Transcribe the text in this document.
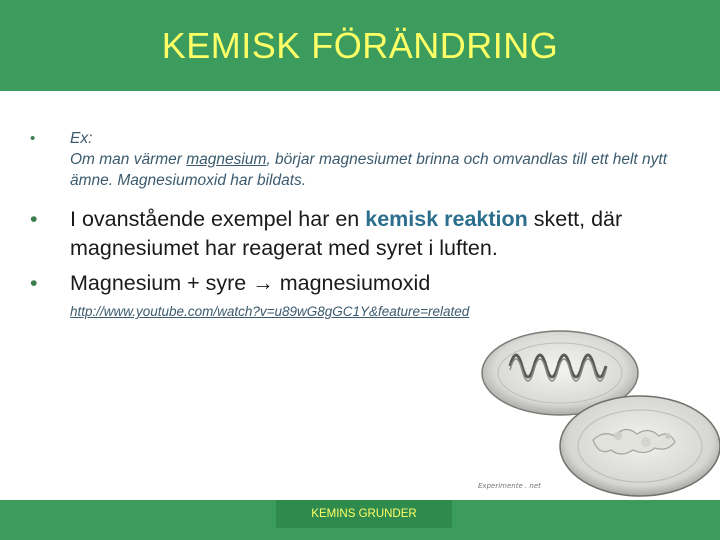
KEMISK FÖRÄNDRING
• Ex:
Om man värmer magnesium, börjar magnesiumet brinna och omvandlas till ett helt nytt ämne. Magnesiumoxid har bildats.
• I ovanstående exempel har en kemisk reaktion skett, där magnesiumet har reagerat med syret i luften.
• Magnesium + syre → magnesiumoxid
http://www.youtube.com/watch?v=u89wG8gGC1Y&feature=related
Experimente . net
KEMINS GRUNDER
